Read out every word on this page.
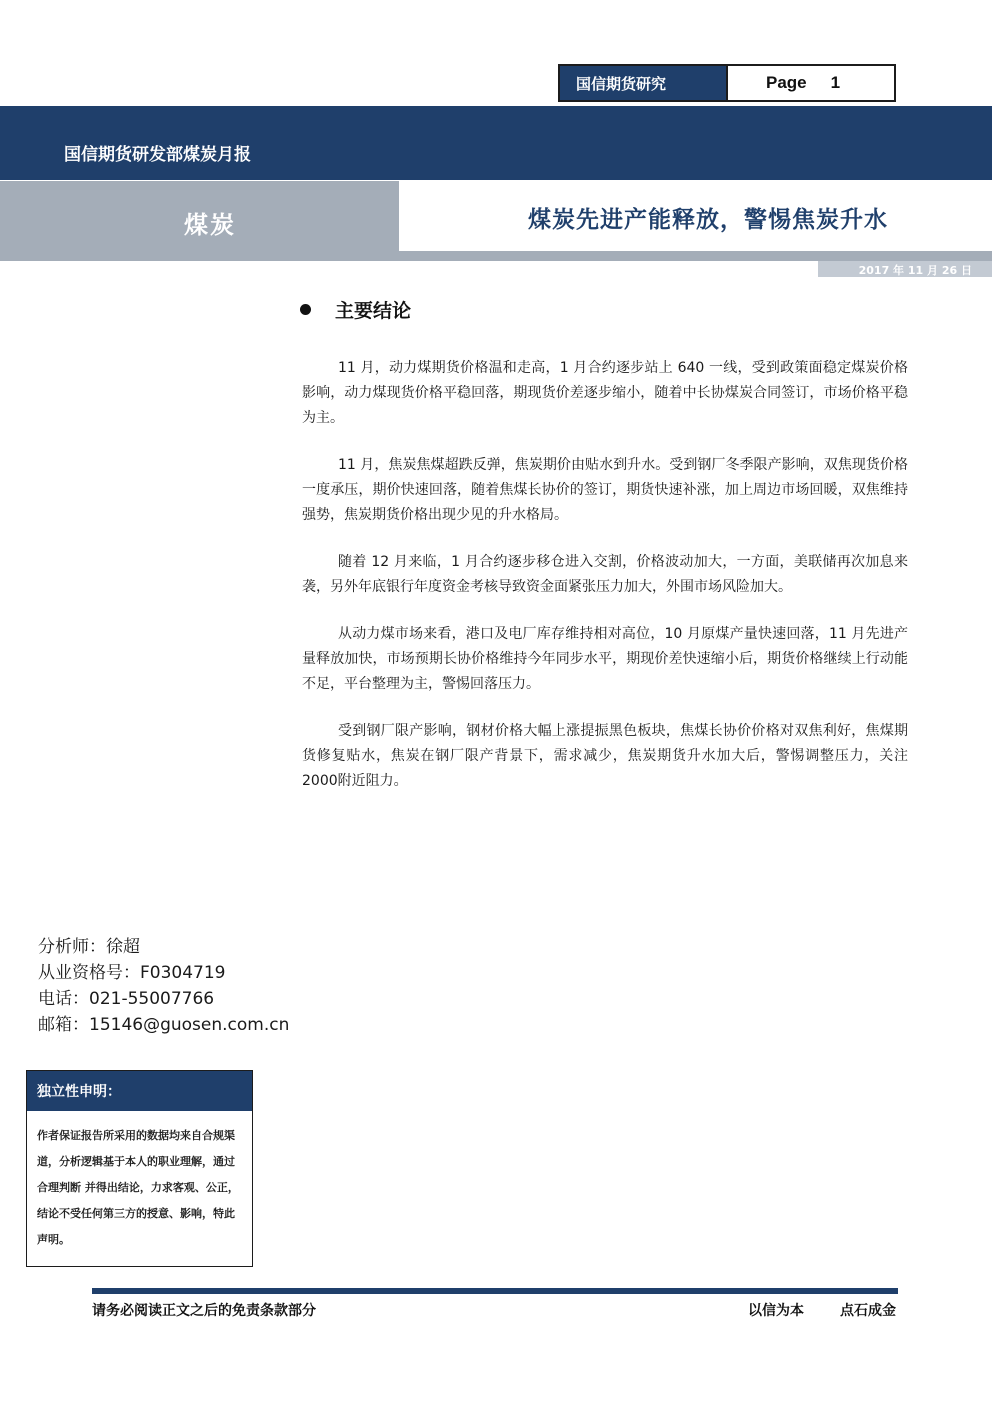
国信期货研究	Page 1
国信期货研发部煤炭月报
煤炭	煤炭先进产能释放，警惕焦炭升水
2017 年 11 月 26 日
主要结论

11 月，动力煤期货价格温和走高，1 月合约逐步站上 640 一线，受到政策面稳定煤炭价格影响，动力煤现货价格平稳回落，期现货价差逐步缩小，随着中长协煤炭合同签订，市场价格平稳为主。

11 月，焦炭焦煤超跌反弹，焦炭期价由贴水到升水。受到钢厂冬季限产影响，双焦现货价格一度承压，期价快速回落，随着焦煤长协价的签订，期货快速补涨，加上周边市场回暖，双焦维持强势，焦炭期货价格出现少见的升水格局。

随着 12 月来临，1 月合约逐步移仓进入交割，价格波动加大，一方面，美联储再次加息来袭，另外年底银行年度资金考核导致资金面紧张压力加大，外围市场风险加大。

从动力煤市场来看，港口及电厂库存维持相对高位，10 月原煤产量快速回落，11 月先进产量释放加快，市场预期长协价格维持今年同步水平，期现价差快速缩小后，期货价格继续上行动能不足，平台整理为主，警惕回落压力。

受到钢厂限产影响，钢材价格大幅上涨提振黑色板块，焦煤长协价价格对双焦利好，焦煤期货修复贴水，焦炭在钢厂限产背景下，需求减少，焦炭期货升水加大后，警惕调整压力，关注2000附近阻力。

分析师：徐超
从业资格号：F0304719
电话：021-55007766
邮箱：15146@guosen.com.cn
独立性申明：
作者保证报告所采用的数据均来自合规渠道，分析逻辑基于本人的职业理解，通过合理判断 并得出结论，力求客观、公正，结论不受任何第三方的授意、影响，特此声明。
请务必阅读正文之后的免责条款部分	以信为本	点石成金
